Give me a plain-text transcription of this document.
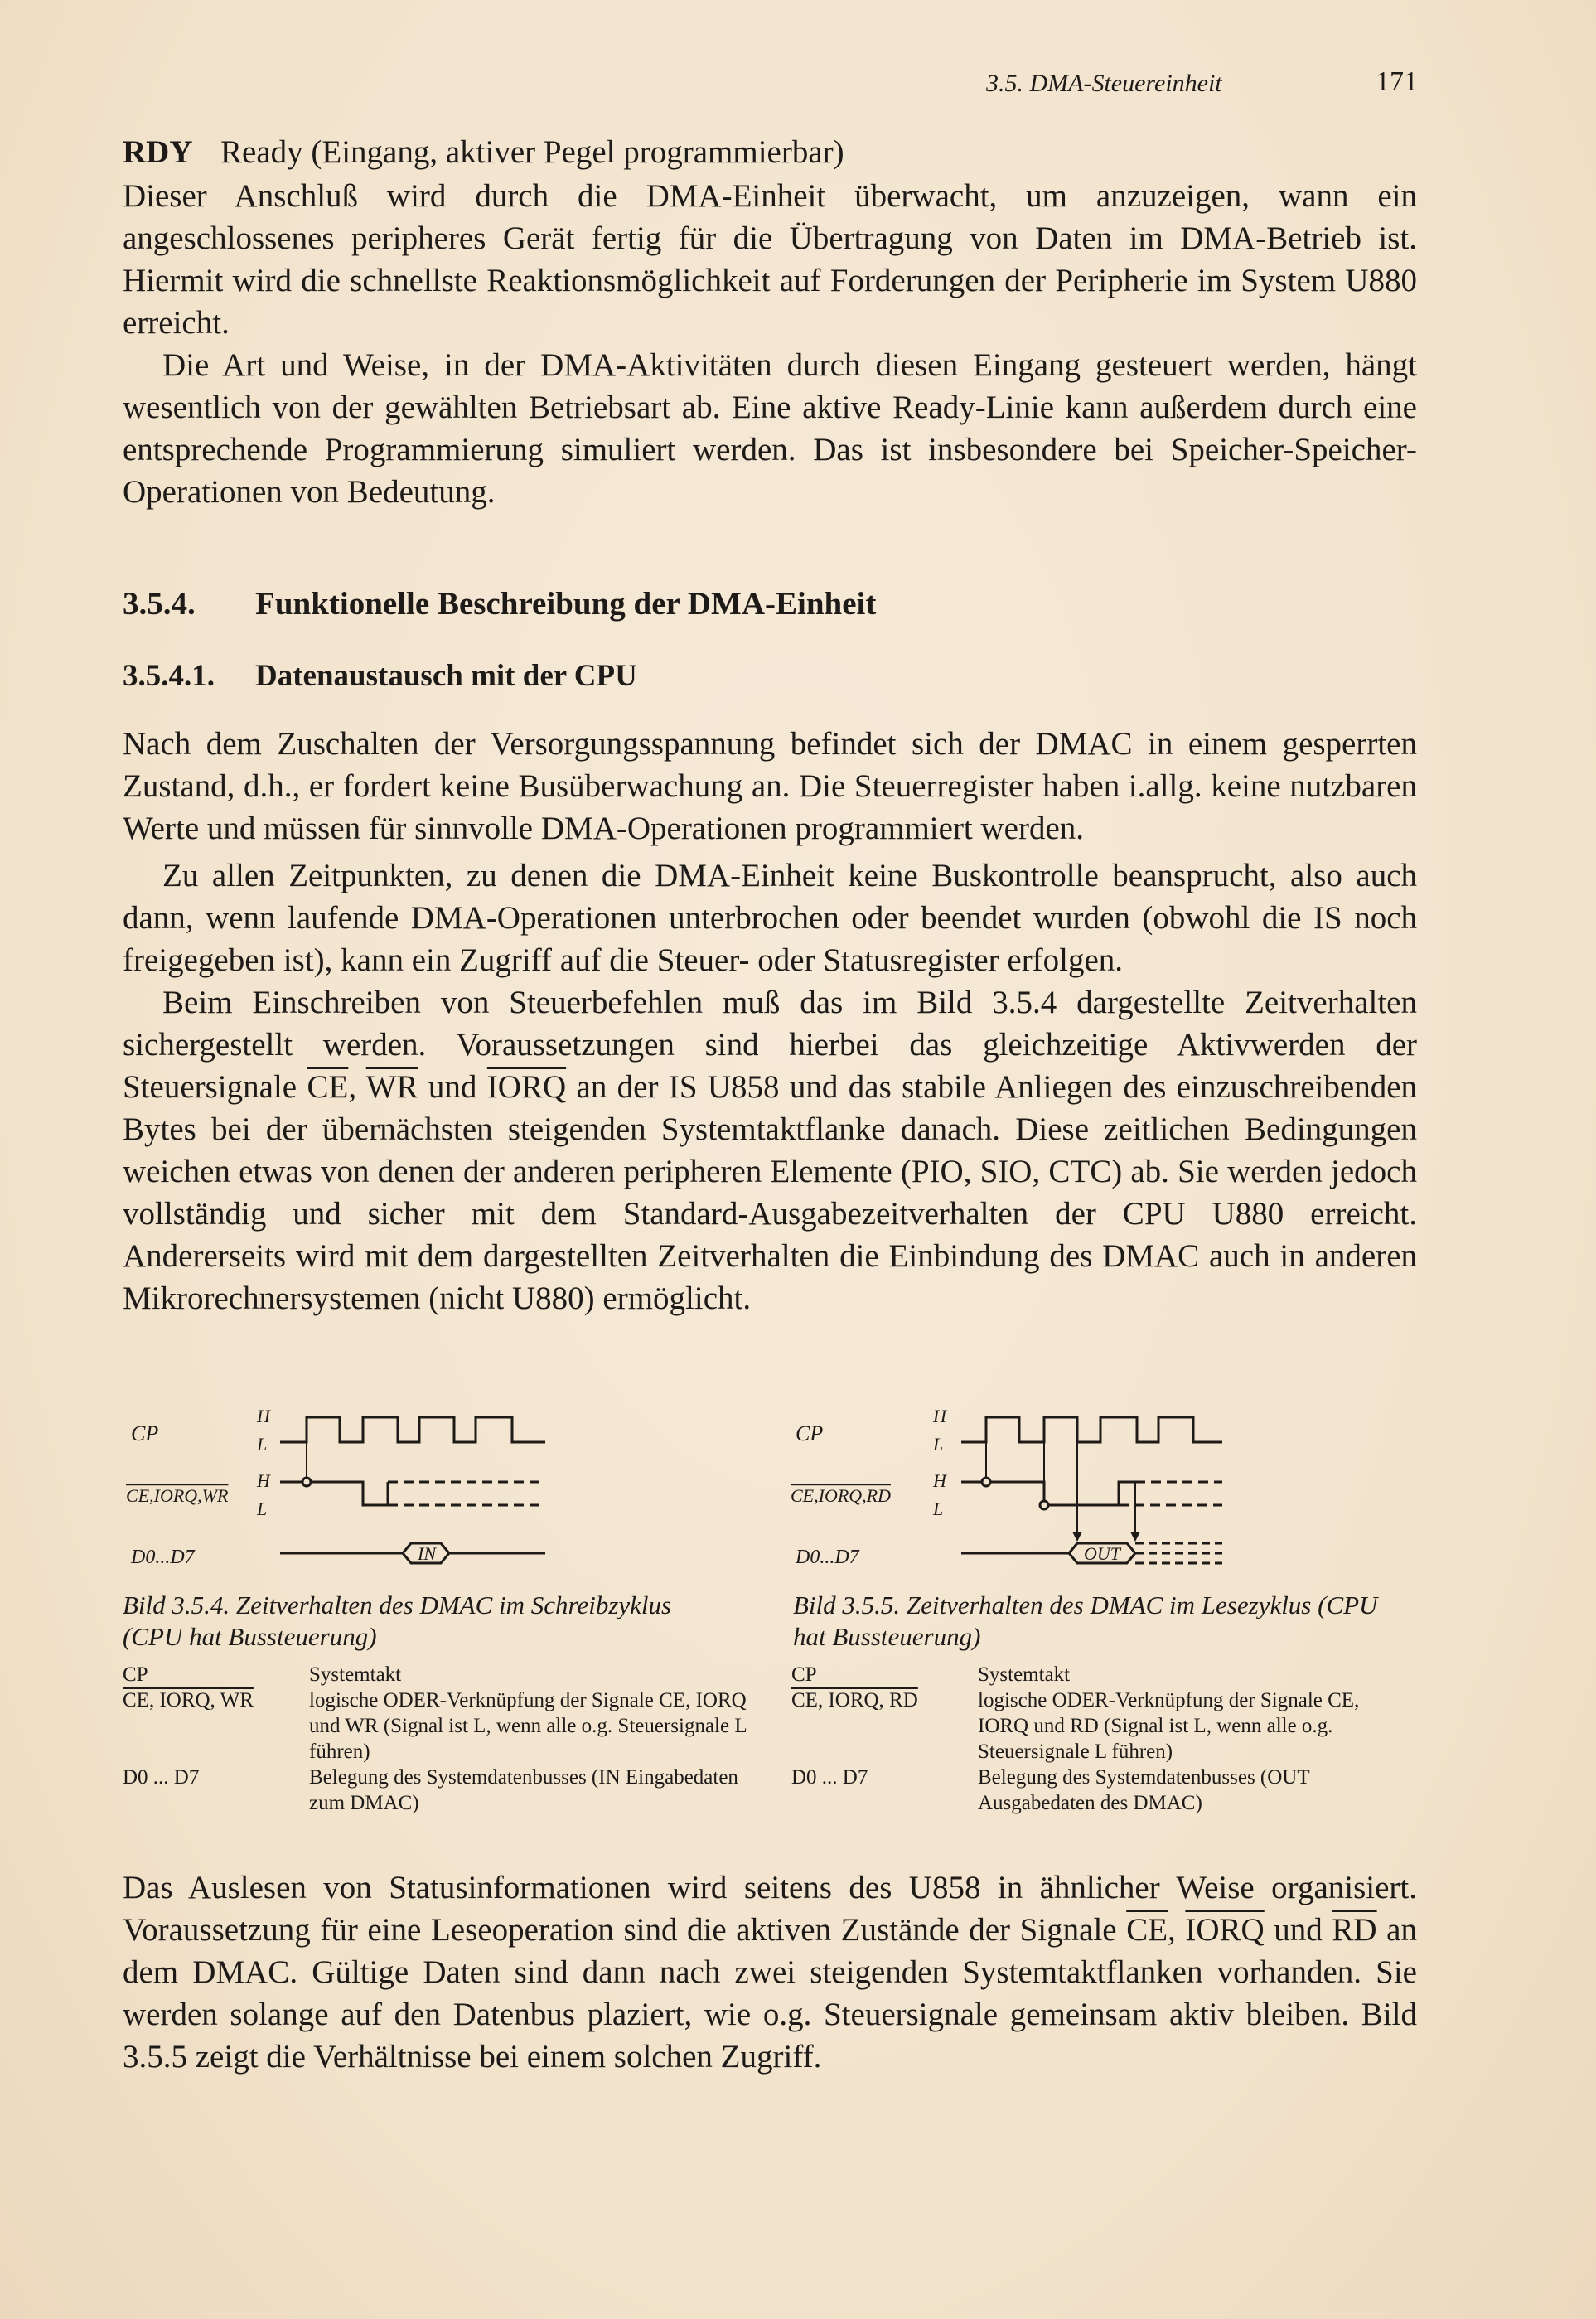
3.5. DMA-Steuereinheit	171

RDY Ready (Eingang, aktiver Pegel programmierbar)

Dieser Anschluß wird durch die DMA-Einheit überwacht, um anzuzeigen, wann ein angeschlossenes peripheres Gerät fertig für die Übertragung von Daten im DMA-Betrieb ist. Hiermit wird die schnellste Reaktionsmöglichkeit auf Forderungen der Peripherie im System U880 erreicht.

Die Art und Weise, in der DMA-Aktivitäten durch diesen Eingang gesteuert werden, hängt wesentlich von der gewählten Betriebsart ab. Eine aktive Ready-Linie kann außerdem durch eine entsprechende Programmierung simuliert werden. Das ist insbesondere bei Speicher-Speicher-Operationen von Bedeutung.

3.5.4. Funktionelle Beschreibung der DMA-Einheit
3.5.4.1. Datenaustausch mit der CPU

Nach dem Zuschalten der Versorgungsspannung befindet sich der DMAC in einem gesperrten Zustand, d.h., er fordert keine Busüberwachung an. Die Steuerregister haben i.allg. keine nutzbaren Werte und müssen für sinnvolle DMA-Operationen programmiert werden.

Zu allen Zeitpunkten, zu denen die DMA-Einheit keine Buskontrolle beansprucht, also auch dann, wenn laufende DMA-Operationen unterbrochen oder beendet wurden (obwohl die IS noch freigegeben ist), kann ein Zugriff auf die Steuer- oder Statusregister erfolgen.

Beim Einschreiben von Steuerbefehlen muß das im Bild 3.5.4 dargestellte Zeitverhalten sichergestellt werden. Voraussetzungen sind hierbei das gleichzeitige Aktivwerden der Steuersignale $\overline{CE}$, $\overline{WR}$ und IORQ an der IS U858 und das stabile Anliegen des einzuschreibenden Bytes bei der übernächsten steigenden Systemtaktflanke danach. Diese zeitlichen Bedingungen weichen etwas von denen der anderen peripheren Elemente (PIO, SIO, CTC) ab. Sie werden jedoch vollständig und sicher mit dem Standard-Ausgabezeitverhalten der CPU U880 erreicht. Andererseits wird mit dem dargestellten Zeitverhalten die Einbindung des DMAC auch in anderen Mikrorechnersystemen (nicht U880) ermöglicht.

CP
CE,IORQ,WR
D0...D7
H
L
H
L
IN
CP
CE,IORQ,RD
D0...D7
H
L
H
L
OUT
Bild 3.5.4. Zeitverhalten des DMAC im Schreibzyklus (CPU hat Bussteuerung)
Bild 3.5.5. Zeitverhalten des DMAC im Lesezyklus (CPU hat Bussteuerung)
CP	Systemtakt
CE, IORQ, WR	logische ODER-Verknüpfung der Signale CE, IORQ und WR (Signal ist L, wenn alle o.g. Steuersignale L führen)
D0 ... D7	Belegung des Systemdatenbusses (IN Eingabedaten zum DMAC)
CP	Systemtakt
CE, IORQ, RD	logische ODER-Verknüpfung der Signale CE, IORQ und RD (Signal ist L, wenn alle o.g. Steuersignale L führen)
D0 ... D7	Belegung des Systemdatenbusses (OUT Ausgabedaten des DMAC)

Das Auslesen von Statusinformationen wird seitens des U858 in ähnlicher Weise organisiert. Voraussetzung für eine Leseoperation sind die aktiven Zustände der Signale $\overline{CE}$, IORQ und $\overline{RD}$ an dem DMAC. Gültige Daten sind dann nach zwei steigenden Systemtaktflanken vorhanden. Sie werden solange auf den Datenbus plaziert, wie o.g. Steuersignale gemeinsam aktiv bleiben. Bild 3.5.5 zeigt die Verhältnisse bei einem solchen Zugriff.
